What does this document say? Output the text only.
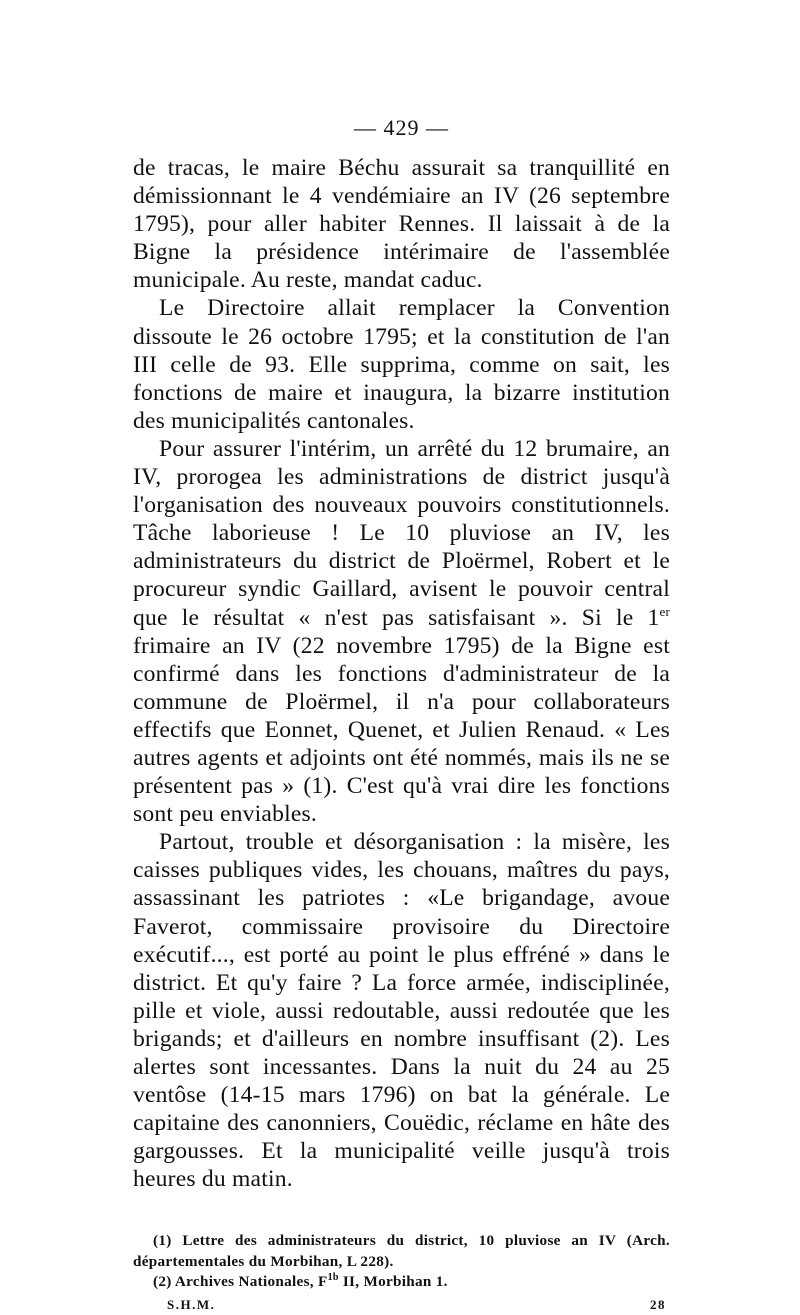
— 429 —

de tracas, le maire Béchu assurait sa tranquillité en démissionnant le 4 vendémiaire an IV (26 septembre 1795), pour aller habiter Rennes. Il laissait à de la Bigne la présidence intérimaire de l'assemblée municipale. Au reste, mandat caduc.

Le Directoire allait remplacer la Convention dissoute le 26 octobre 1795; et la constitution de l'an III celle de 93. Elle supprima, comme on sait, les fonctions de maire et inaugura, la bizarre institution des municipalités cantonales.

Pour assurer l'intérim, un arrêté du 12 brumaire, an IV, prorogea les administrations de district jusqu'à l'organisation des nouveaux pouvoirs constitutionnels. Tâche laborieuse ! Le 10 pluviose an IV, les administrateurs du district de Ploërmel, Robert et le procureur syndic Gaillard, avisent le pouvoir central que le résultat « n'est pas satisfaisant ». Si le 1er frimaire an IV (22 novembre 1795) de la Bigne est confirmé dans les fonctions d'administrateur de la commune de Ploërmel, il n'a pour collaborateurs effectifs que Eonnet, Quenet, et Julien Renaud. « Les autres agents et adjoints ont été nommés, mais ils ne se présentent pas » (1). C'est qu'à vrai dire les fonctions sont peu enviables.

Partout, trouble et désorganisation : la misère, les caisses publiques vides, les chouans, maîtres du pays, assassinant les patriotes : «Le brigandage, avoue Faverot, commissaire provisoire du Directoire exécutif..., est porté au point le plus effréné » dans le district. Et qu'y faire ? La force armée, indisciplinée, pille et viole, aussi redoutable, aussi redoutée que les brigands; et d'ailleurs en nombre insuffisant (2). Les alertes sont incessantes. Dans la nuit du 24 au 25 ventôse (14-15 mars 1796) on bat la générale. Le capitaine des canonniers, Couëdic, réclame en hâte des gargousses. Et la municipalité veille jusqu'à trois heures du matin.

(1) Lettre des administrateurs du district, 10 pluviose an IV (Arch. départementales du Morbihan, L 228).

(2) Archives Nationales, $F^{1b}$ II, Morbihan 1.

S.H.M.	28
